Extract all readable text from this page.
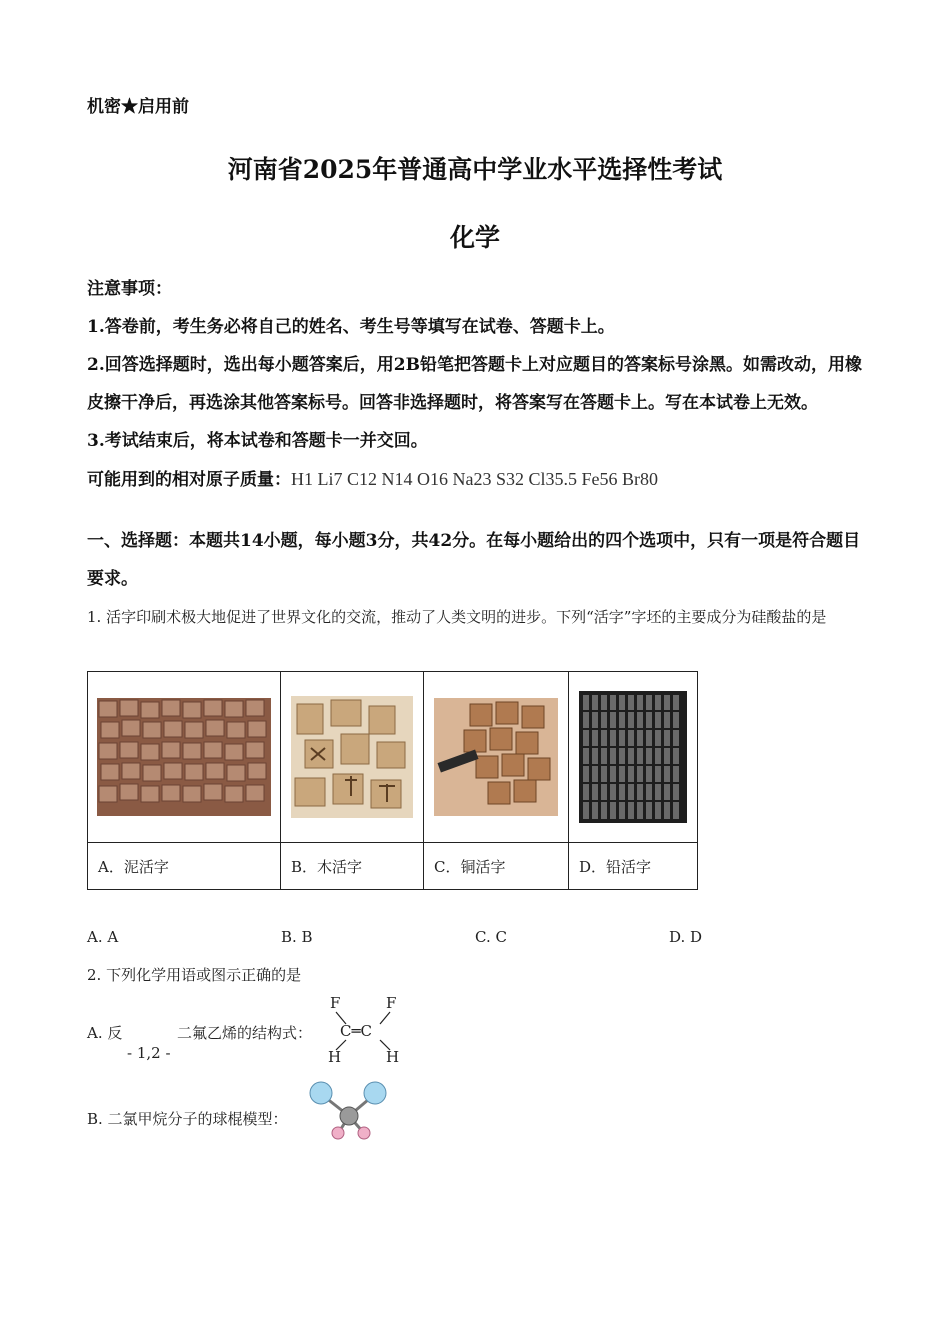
机密★启用前
河南省2025年普通高中学业水平选择性考试
化学

注意事项：

1.答卷前，考生务必将自己的姓名、考生号等填写在试卷、答题卡上。

2.回答选择题时，选出每小题答案后，用2B铅笔把答题卡上对应题目的答案标号涂黑。如需改动，用橡皮擦干净后，再选涂其他答案标号。回答非选择题时，将答案写在答题卡上。写在本试卷上无效。

3.考试结束后，将本试卷和答题卡一并交回。

可能用到的相对原子质量：H1 Li7 C12 N14 O16 Na23 S32 Cl35.5 Fe56 Br80

一、选择题：本题共14小题，每小题3分，共42分。在每小题给出的四个选项中，只有一项是符合题目要求。
1. 活字印刷术极大地促进了世界文化的交流，推动了人类文明的进步。下列“活字”字坯的主要成分为硅酸盐的是

A．泥活字	B．木活字	C．铜活字	D．铅活字
A. A	B. B	C. C	D. D
2. 下列化学用语或图示正确的是
A. 反
- 1,2 -
二氟乙烯的结构式：
F	F
C═C
H	H
B. 二氯甲烷分子的球棍模型：
